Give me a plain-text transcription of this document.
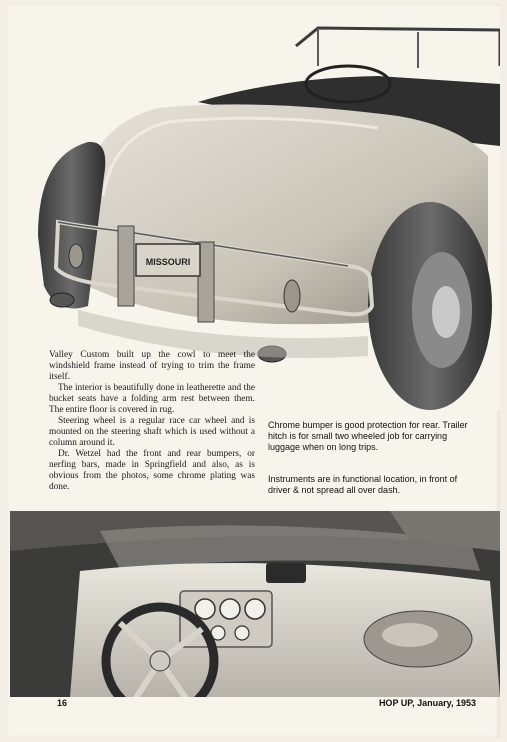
MISSOURI

Valley Custom built up the cowl to meet the windshield frame instead of trying to trim the frame itself.

The interior is beautifully done in leatherette and the bucket seats have a folding arm rest between them. The entire floor is covered in rug.

Steering wheel is a regular race car wheel and is mounted on the steering shaft which is used without a column around it.

Dr. Wetzel had the front and rear bumpers, or nerfing bars, made in Springfield and also, as is obvious from the photos, some chrome plating was done.

Chrome bumper is good protection for rear. Trailer hitch is for small two wheeled job for carrying luggage when on long trips.
Instruments are in functional location, in front of driver & not spread all over dash.
16	HOP UP, January, 1953
